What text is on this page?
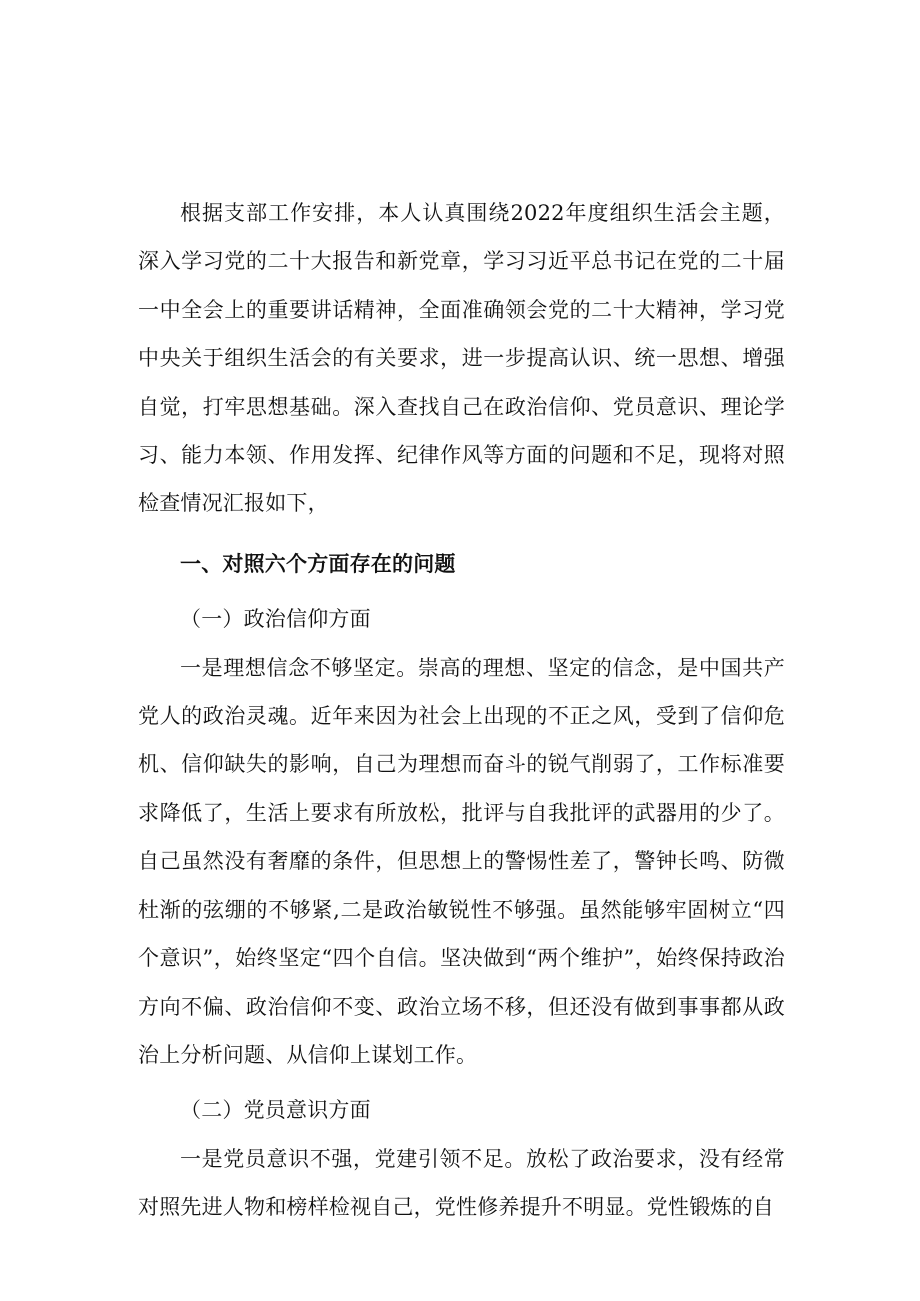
根据支部工作安排，本人认真围绕2022年度组织生活会主题，深入学习党的二十大报告和新党章，学习习近平总书记在党的二十届一中全会上的重要讲话精神，全面准确领会党的二十大精神，学习党中央关于组织生活会的有关要求，进一步提高认识、统一思想、增强自觉，打牢思想基础。深入查找自己在政治信仰、党员意识、理论学习、能力本领、作用发挥、纪律作风等方面的问题和不足，现将对照检查情况汇报如下，

一、对照六个方面存在的问题

（一）政治信仰方面

一是理想信念不够坚定。崇高的理想、坚定的信念，是中国共产党人的政治灵魂。近年来因为社会上出现的不正之风，受到了信仰危机、信仰缺失的影响，自己为理想而奋斗的锐气削弱了，工作标准要求降低了，生活上要求有所放松，批评与自我批评的武器用的少了。自己虽然没有奢靡的条件，但思想上的警惕性差了，警钟长鸣、防微杜渐的弦绷的不够紧,二是政治敏锐性不够强。虽然能够牢固树立“四个意识”，始终坚定“四个自信。坚决做到“两个维护”，始终保持政治方向不偏、政治信仰不变、政治立场不移，但还没有做到事事都从政治上分析问题、从信仰上谋划工作。

（二）党员意识方面

一是党员意识不强，党建引领不足。放松了政治要求，没有经常对照先进人物和榜样检视自己，党性修养提升不明显。党性锻炼的自
